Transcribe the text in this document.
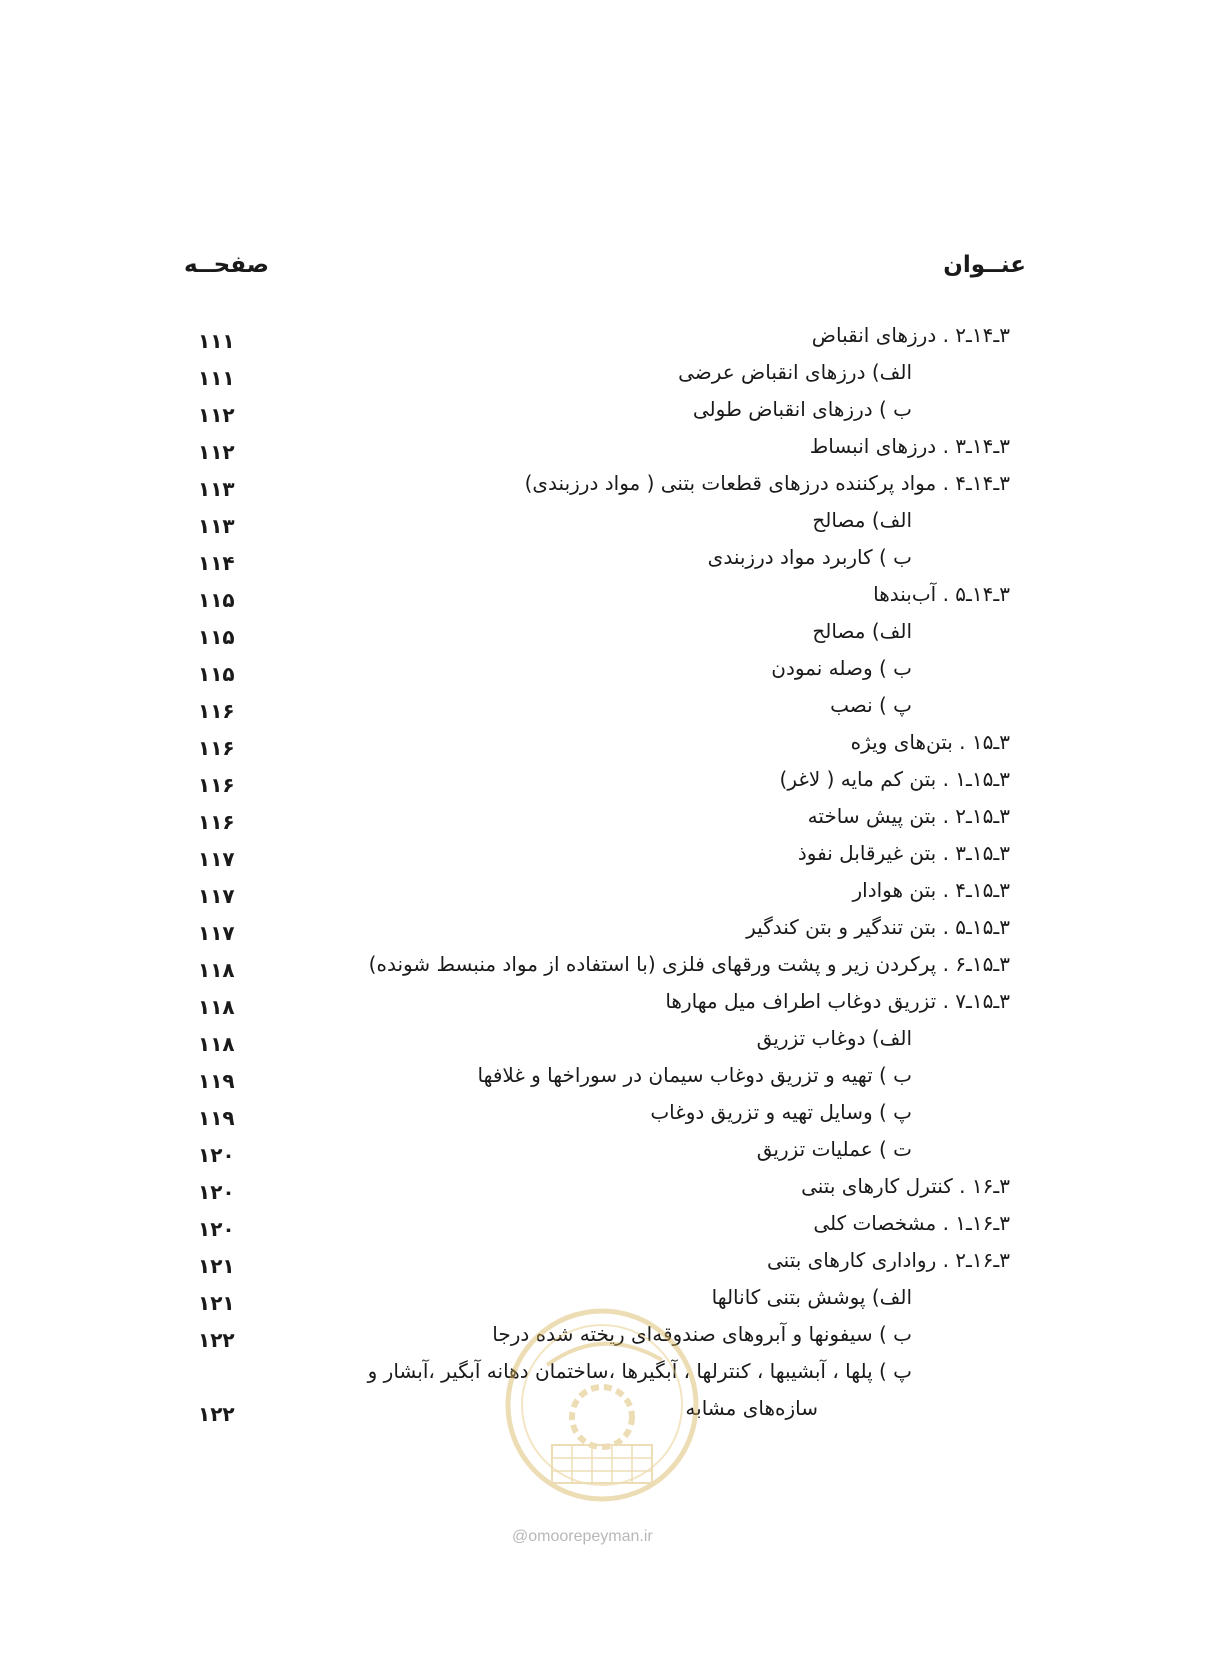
عنــوان
صفحــه
۳ـ۱۴ـ۲ . درزهای انقباض
۱۱۱
الف) درزهای انقباض عرضی
۱۱۱
ب ) درزهای انقباض طولی
۱۱۲
۳ـ۱۴ـ۳ . درزهای انبساط
۱۱۲
۳ـ۱۴ـ۴ . مواد پرکننده درزهای قطعات بتنی ( مواد درزبندی)
۱۱۳
الف) مصالح
۱۱۳
ب ) کاربرد مواد درزبندی
۱۱۴
۳ـ۱۴ـ۵ . آب‌بندها
۱۱۵
الف) مصالح
۱۱۵
ب ) وصله نمودن
۱۱۵
پ ) نصب
۱۱۶
۳ـ۱۵ . بتن‌های ویژه
۱۱۶
۳ـ۱۵ـ۱ . بتن کم مایه ( لاغر)
۱۱۶
۳ـ۱۵ـ۲ . بتن پیش ساخته
۱۱۶
۳ـ۱۵ـ۳ . بتن غیرقابل نفوذ
۱۱۷
۳ـ۱۵ـ۴ . بتن هوادار
۱۱۷
۳ـ۱۵ـ۵ . بتن تندگیر و بتن کندگیر
۱۱۷
۳ـ۱۵ـ۶ . پرکردن زیر و پشت ورقهای فلزی (با استفاده از مواد منبسط شونده)
۱۱۸
۳ـ۱۵ـ۷ . تزریق دوغاب اطراف میل مهارها
۱۱۸
الف) دوغاب تزریق
۱۱۸
ب ) تهیه و تزریق دوغاب سیمان در سوراخها و غلافها
۱۱۹
پ ) وسایل تهیه و تزریق دوغاب
۱۱۹
ت ) عملیات تزریق
۱۲۰
۳ـ۱۶ . کنترل کارهای بتنی
۱۲۰
۳ـ۱۶ـ۱ . مشخصات کلی
۱۲۰
۳ـ۱۶ـ۲ . رواداری کارهای بتنی
۱۲۱
الف) پوشش بتنی کانالها
۱۲۱
ب ) سیفونها و آبروهای صندوقه‌ای ریخته شده درجا
۱۲۲
پ ) پلها ، آبشیبها ، کنترلها ، آبگیرها ،ساختمان دهانه آبگیر ،آبشار و
سازه‌های مشابه
۱۲۲
@omoorepeyman.ir
